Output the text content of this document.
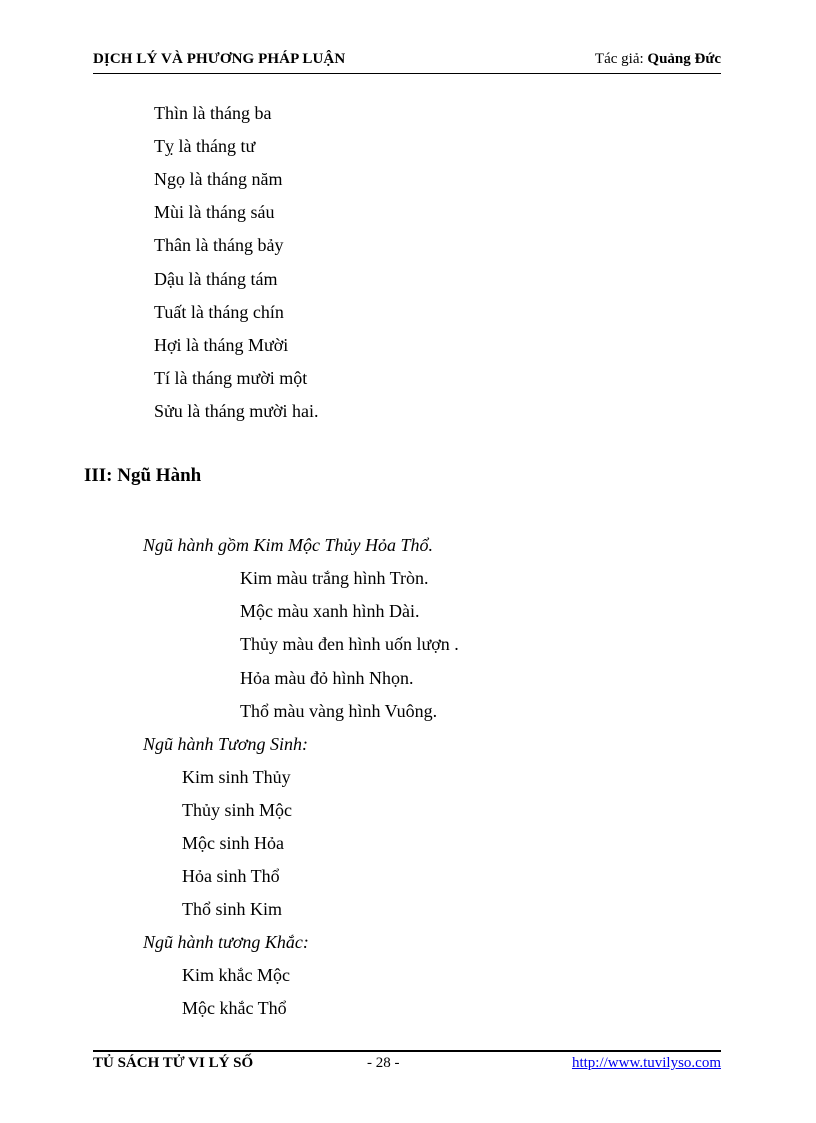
DỊCH LÝ VÀ PHƯƠNG PHÁP LUẬN	Tác giả: Quảng Đức
Thìn là tháng ba
Tỵ là tháng tư
Ngọ là tháng năm
Mùi là tháng sáu
Thân là tháng bảy
Dậu là tháng tám
Tuất là tháng chín
Hợi là tháng Mười
Tí là tháng mười một
Sửu là tháng mười hai.
III: Ngũ Hành
Ngũ hành gồm Kim Mộc Thủy Hỏa Thổ.
Kim màu trắng hình Tròn.
Mộc màu xanh hình Dài.
Thủy màu đen hình uốn lượn .
Hỏa màu đỏ hình Nhọn.
Thổ màu vàng hình Vuông.
Ngũ hành Tương Sinh:
Kim sinh Thủy
Thủy sinh Mộc
Mộc sinh Hỏa
Hỏa sinh Thổ
Thổ sinh Kim
Ngũ hành tương Khắc:
Kim khắc Mộc
Mộc khắc Thổ
TỦ SÁCH TỬ VI LÝ SỐ	- 28 -	http://www.tuvilyso.com
